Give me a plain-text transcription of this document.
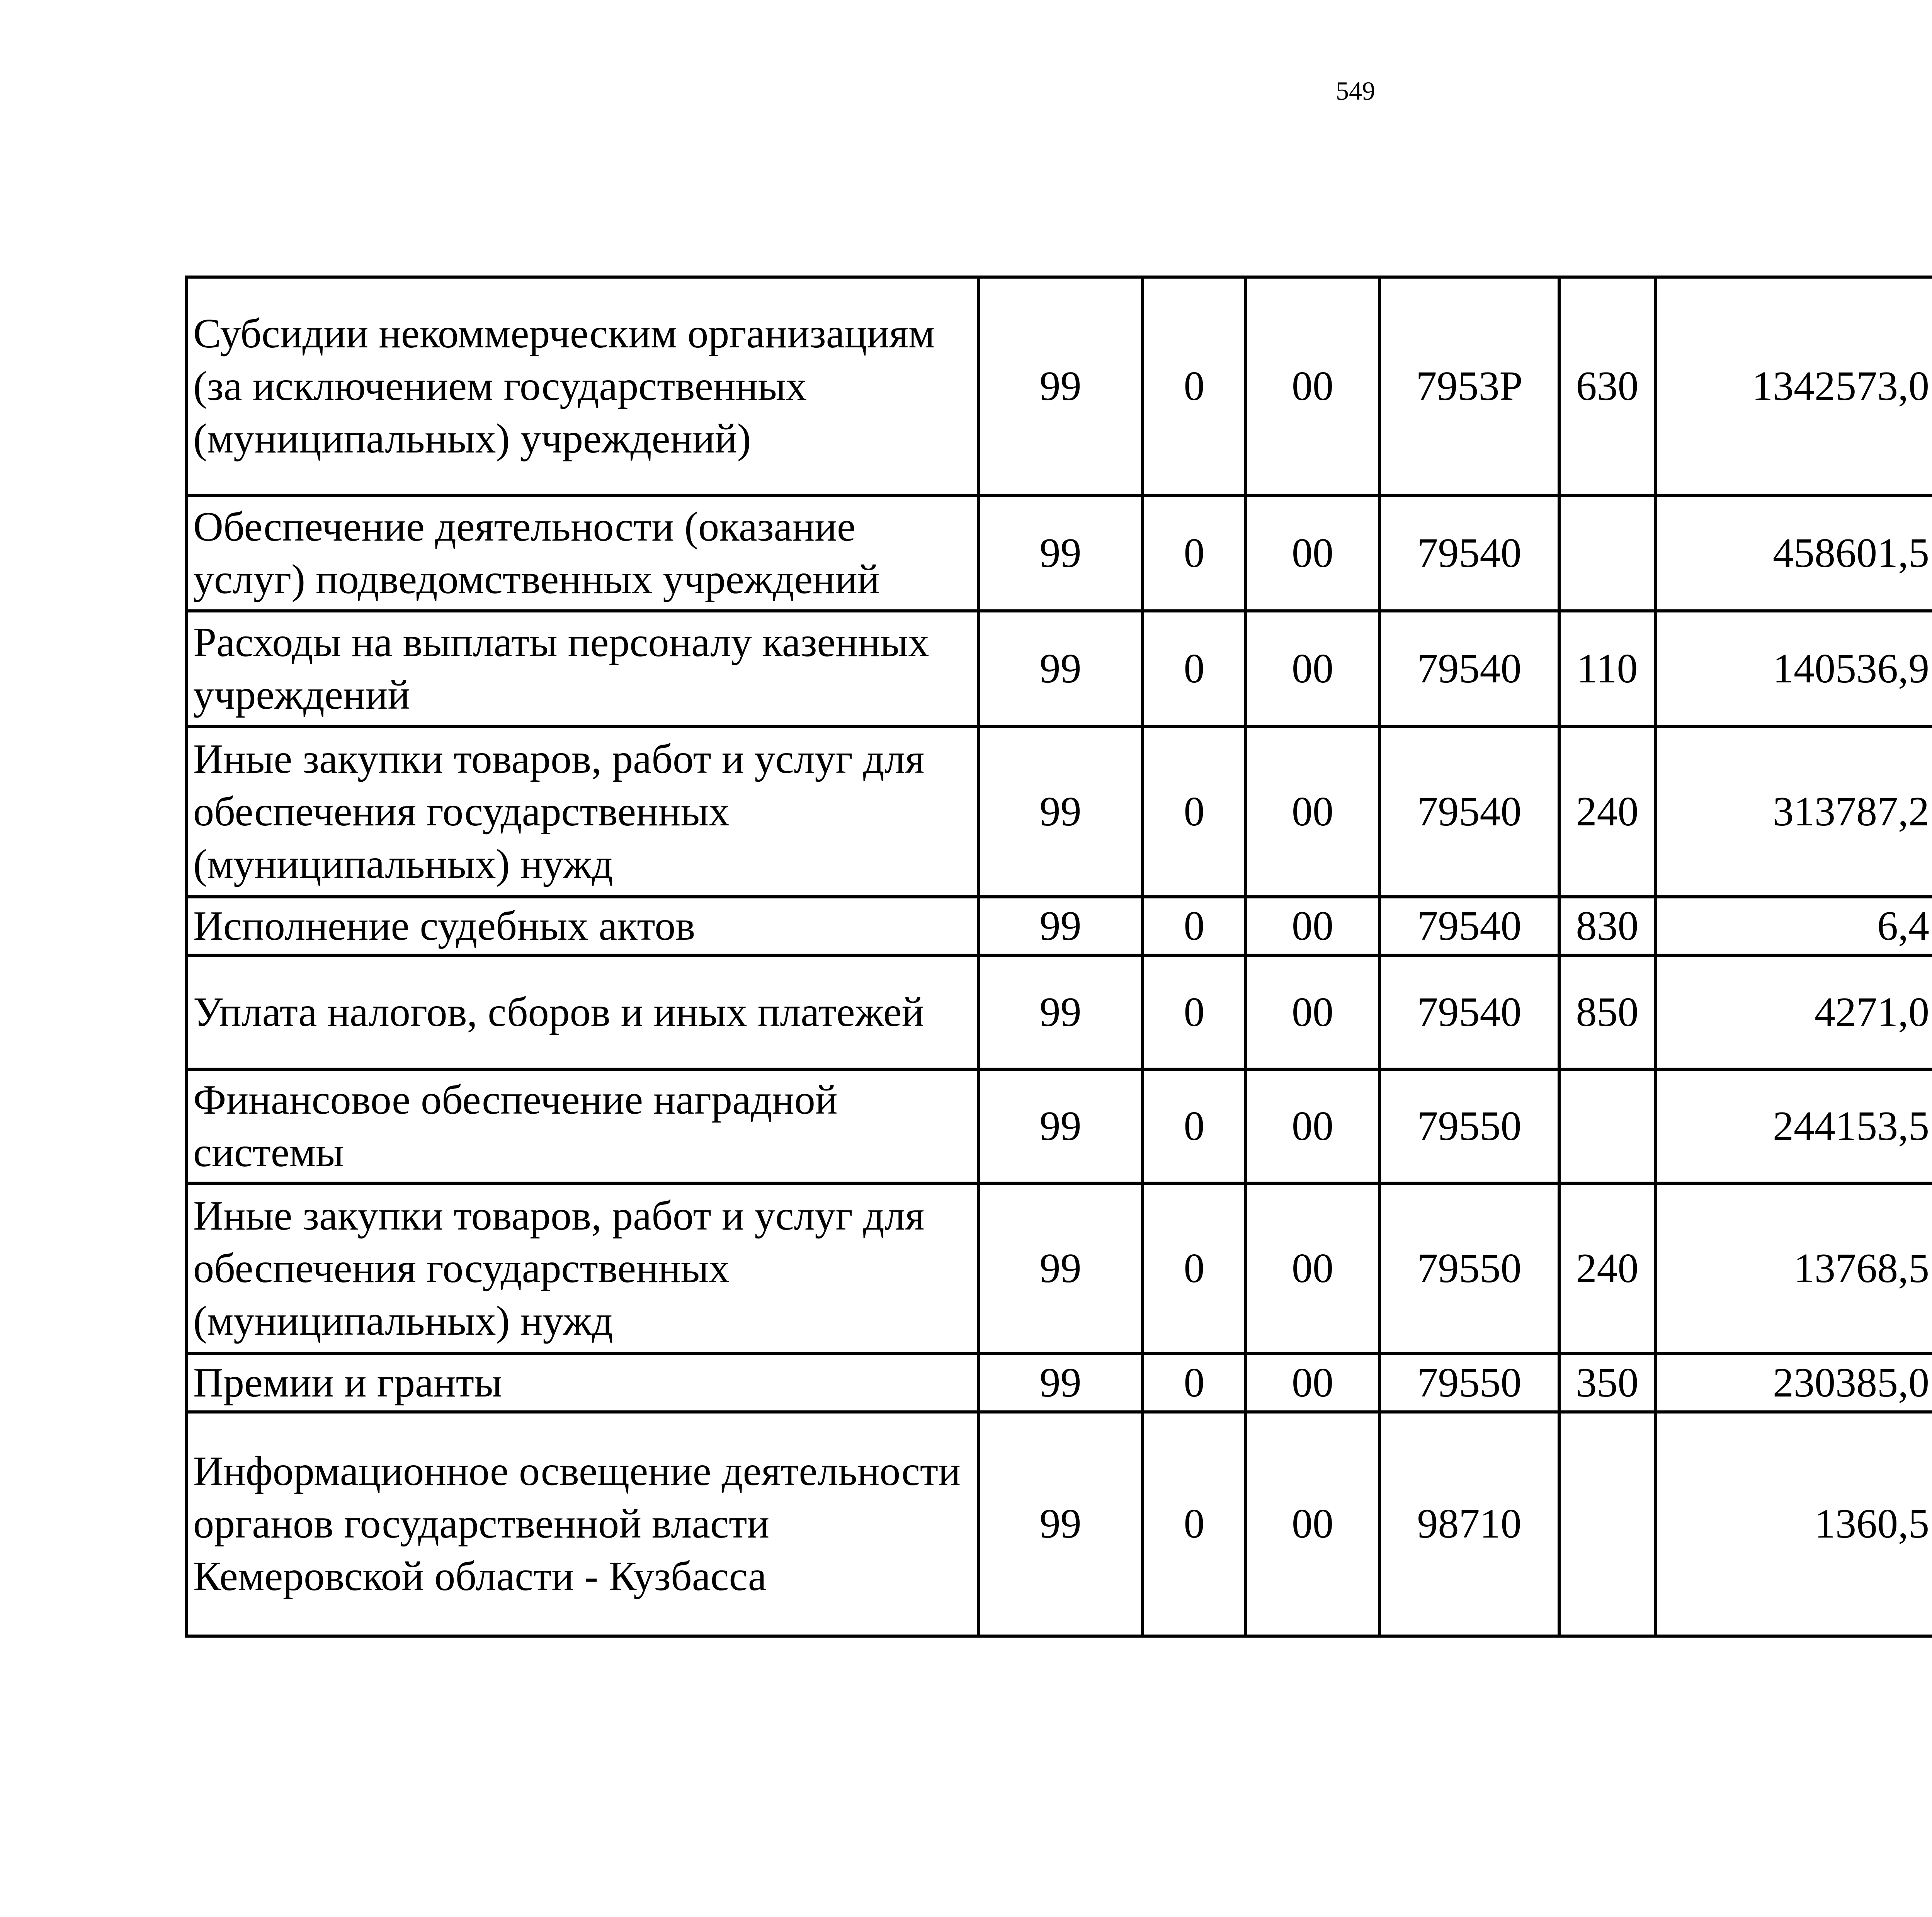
549
Субсидии некоммерческим организациям (за исключением государственных (муниципальных) учреждений)	99	0	00	7953Р	630	1342573,0		
Обеспечение деятельности (оказание услуг) подведомственных учреждений	99	0	00	79540		458601,5		
Расходы на выплаты персоналу казенных учреждений	99	0	00	79540	110	140536,9		
Иные закупки товаров, работ и услуг для обеспечения государственных (муниципальных) нужд	99	0	00	79540	240	313787,2		
Исполнение судебных актов	99	0	00	79540	830	6,4		
Уплата налогов, сборов и иных платежей	99	0	00	79540	850	4271,0		
Финансовое обеспечение наградной системы	99	0	00	79550		244153,5		
Иные закупки товаров, работ и услуг для обеспечения государственных (муниципальных) нужд	99	0	00	79550	240	13768,5		
Премии и гранты	99	0	00	79550	350	230385,0		
Информационное освещение деятельности органов государственной власти Кемеровской области - Кузбасса	99	0	00	98710		1360,5		
